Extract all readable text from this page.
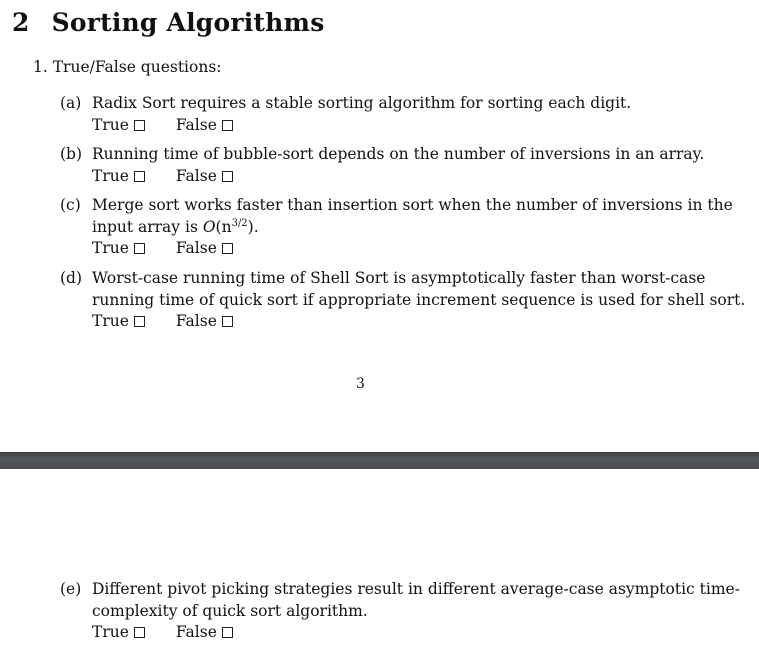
2 Sorting Algorithms
1. True/False questions:
(a) Radix Sort requires a stable sorting algorithm for sorting each digit.
True
	False
(b) Running time of bubble-sort depends on the number of inversions in an array.
True
	False
(c) Merge sort works faster than insertion sort when the number of inversions in the
input array is $O(n^{3/2})$.
True
	False
(d) Worst-case running time of Shell Sort is asymptotically faster than worst-case
running time of quick sort if appropriate increment sequence is used for shell sort.
True
	False
3
(e) Different pivot picking strategies result in different average-case asymptotic time-
complexity of quick sort algorithm.
True
	False
